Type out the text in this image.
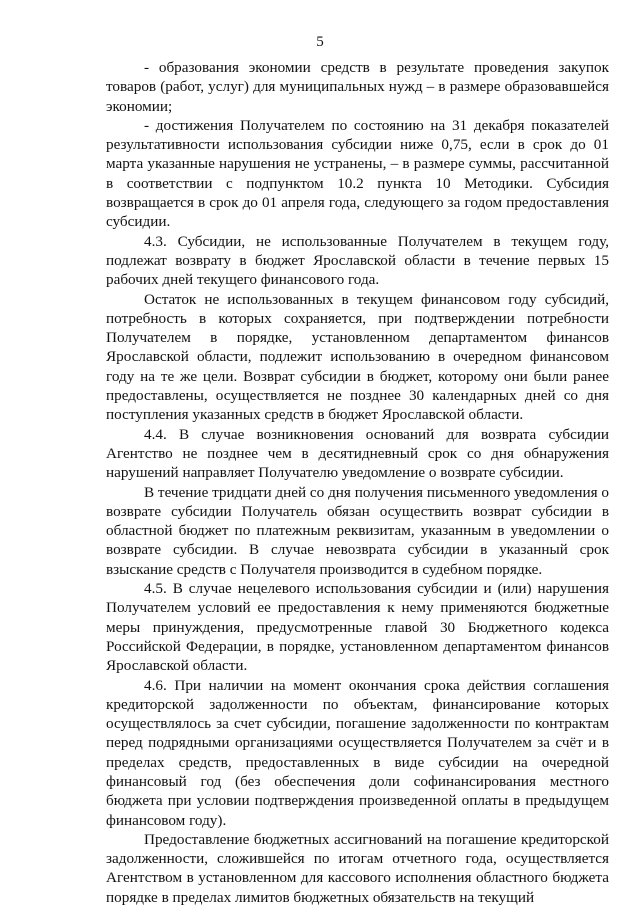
5

- образования экономии средств в результате проведения закупок товаров (работ, услуг) для муниципальных нужд – в размере образовавшейся экономии;

- достижения Получателем по состоянию на 31 декабря показателей результативности использования субсидии ниже 0,75, если в срок до 01 марта указанные нарушения не устранены, – в размере суммы, рассчитанной в соответствии с подпунктом 10.2 пункта 10 Методики. Субсидия возвращается в срок до 01 апреля года, следующего за годом предоставления субсидии.

4.3. Субсидии, не использованные Получателем в текущем году, подлежат возврату в бюджет Ярославской области в течение первых 15 рабочих дней текущего финансового года.

Остаток не использованных в текущем финансовом году субсидий, потребность в которых сохраняется, при подтверждении потребности Получателем в порядке, установленном департаментом финансов Ярославской области, подлежит использованию в очередном финансовом году на те же цели. Возврат субсидии в бюджет, которому они были ранее предоставлены, осуществляется не позднее 30 календарных дней со дня поступления указанных средств в бюджет Ярославской области.

4.4. В случае возникновения оснований для возврата субсидии Агентство не позднее чем в десятидневный срок со дня обнаружения нарушений направляет Получателю уведомление о возврате субсидии.

В течение тридцати дней со дня получения письменного уведомления о возврате субсидии Получатель обязан осуществить возврат субсидии в областной бюджет по платежным реквизитам, указанным в уведомлении о возврате субсидии. В случае невозврата субсидии в указанный срок взыскание средств с Получателя производится в судебном порядке.

4.5. В случае нецелевого использования субсидии и (или) нарушения Получателем условий ее предоставления к нему применяются бюджетные меры принуждения, предусмотренные главой 30 Бюджетного кодекса Российской Федерации, в порядке, установленном департаментом финансов Ярославской области.

4.6. При наличии на момент окончания срока действия соглашения кредиторской задолженности по объектам, финансирование которых осуществлялось за счет субсидии, погашение задолженности по контрактам перед подрядными организациями осуществляется Получателем за счёт и в пределах средств, предоставленных в виде субсидии на очередной финансовый год (без обеспечения доли софинансирования местного бюджета при условии подтверждения произведенной оплаты в предыдущем финансовом году).

Предоставление бюджетных ассигнований на погашение кредиторской задолженности, сложившейся по итогам отчетного года, осуществляется Агентством в установленном для кассового исполнения областного бюджета порядке в пределах лимитов бюджетных обязательств на текущий
